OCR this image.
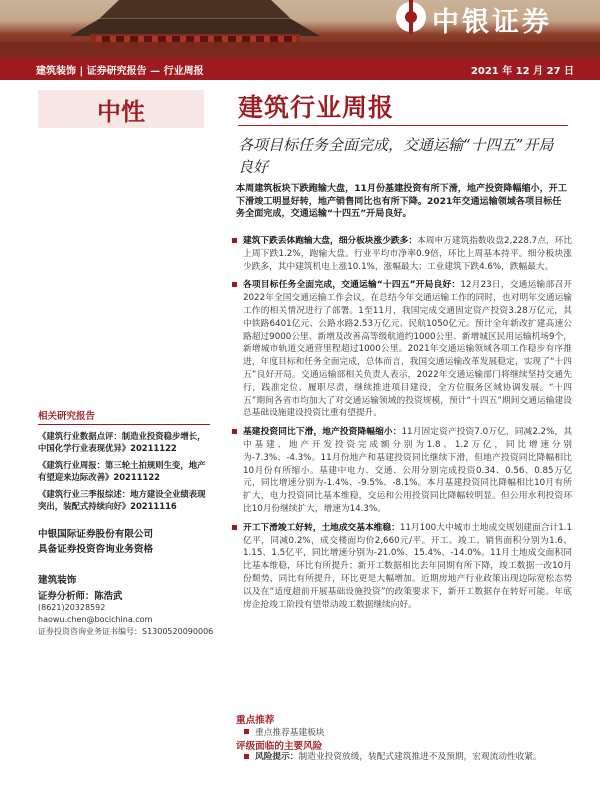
中银证券
建筑装饰 | 证券研究报告 — 行业周报	2021 年 12 月 27 日
中性	建筑行业周报
各项目标任务全面完成，交通运输“十四五”开局良好
本周建筑板块下跌跑输大盘，11月份基建投资有所下滑，地产投资降幅缩小，开工下滑竣工明显好转，地产销售同比也有所下降。2021年交通运输领域各项目标任务全面完成，交通运输“十四五”开局良好。

建筑下跌丢体跑输大盘，细分板块涨少跌多：本周申万建筑指数收盘2,228.7点，环比上周下跌1.2%，跑输大盘。行业平均市净率0.9倍，环比上周基本持平。细分板块涨少跌多，其中建筑机电上涨10.1%，涨幅最大；工业建筑下跌4.6%，跌幅最大。

各项目标任务全面完成，交通运输“十四五”开局良好：12月23日，交通运输部召开2022年全国交通运输工作会议，在总结今年交通运输工作的同时，也对明年交通运输工作的相关情况进行了部署。1至11月，我国完成交通固定资产投资3.28万亿元，其中铁路6401亿元、公路水路2.53万亿元、民航1050亿元。预计全年新改扩建高速公路超过9000公里、新增及改善高等级航道约1000公里、新增城区民用运输机场9个，新增城市轨道交通营里程超过1000公里。2021年交通运输领域各项工作稳步有序推进，年度目标和任务全面完成，总体而言，我国交通运输改革发展稳定，实现了“十四五”良好开局。交通运输部相关负责人表示，2022年交通运输部门将继续坚持交通先行，践准定位、履职尽责，继续推进项目建设，全方位服务区域协调发展。“十四五”期间各省市均加大了对交通运输领域的投资规模，预计“十四五”期间交通运输建设总基础设施建设投资比重有望提升。

基建投资同比下滑，地产投资降幅缩小：11月固定资产投资7.0万亿，同减2.2%，其中基建、地产开发投资完成额分别为1.8、1.2万亿，同比增速分别为-7.3%、-4.3%。11月份地产和基建投资同比继续下滑，但地产投资同比降幅相比10月份有所缩小。基建中电力、交通、公用分别完成投资0.34、0.56、0.85万亿元，同比增速分别为-1.4%、-9.5%、-8.1%。本月基建投资同比降幅相比10月有所扩大，电力投资同比基本维稳，交运和公用投资同比降幅较明显。但公用水利投资环比10月份继续扩大，增速为14.3%。

开工下滑竣工好转，土地成交基本维稳：11月100大中城市土地成交规划建面合计1.1亿平，同减0.2%，成交楼面均价2,660元/平。开工、竣工、销售面积分别为1.6、1.15、1.5亿平，同比增速分别为-21.0%、15.4%、-14.0%。11月土地成交面积同比基本维稳，环比有所提升；新开工数据相比去年同期有所下降，竣工数据一改10月份颓势，同比有所提升，环比更是大幅增加。近期房地产行业政策出现边际宽松态势以及在“适度超前开展基础设施投资”的政策要求下，新开工数据存在转好可能。年底房企抢竣工阶段有望带动竣工数据继续向好。

重点推荐
重点推荐基建板块
评级面临的主要风险

风险提示：制造业投资放缓，装配式建筑推进不及预期，宏观流动性收紧。

相关研究报告
《建筑行业数据点评：制造业投资稳步增长，中国化学行业表现优异》20211122
《建筑行业周报：第三轮土拍规则生变，地产有望迎来边际改善》20211122
《建筑行业三季报综述：地方建设全业绩表现突出，装配式持续向好》20211116
中银国际证券股份有限公司
具备证券投资咨询业务资格
建筑装饰
证券分析师：陈浩武
(8621)20328592
haowu.chen@bocichina.com
证券投资咨询业务证书编号：S1300520090006
